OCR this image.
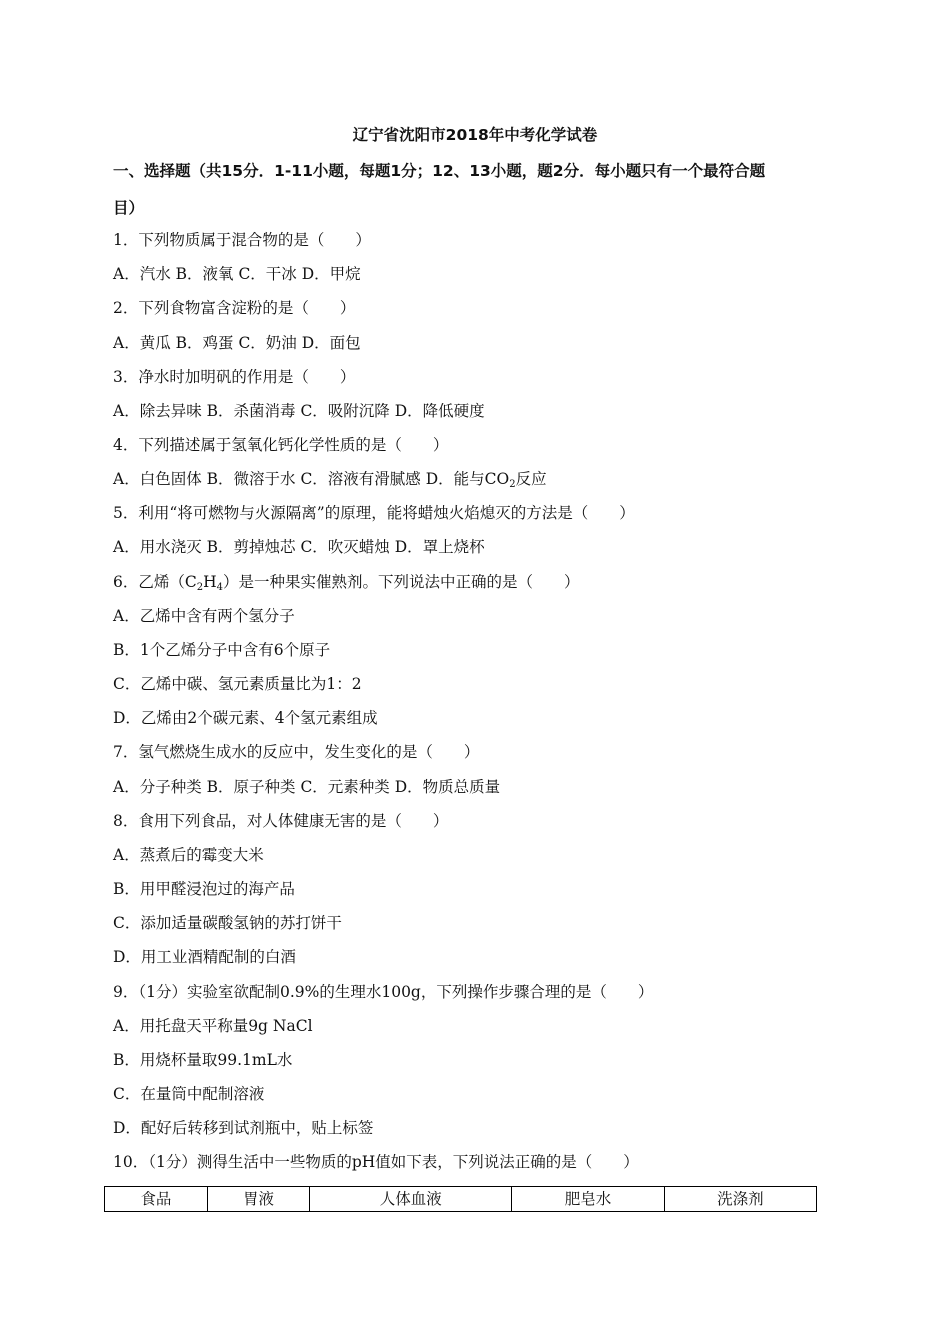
辽宁省沈阳市2018年中考化学试卷
一、选择题（共15分．1-11小题，每题1分；12、13小题，题2分．每小题只有一个最符合题
目）
1．下列物质属于混合物的是（　　）
A．汽水 B．液氧 C．干冰 D．甲烷
2．下列食物富含淀粉的是（　　）
A．黄瓜 B．鸡蛋 C．奶油 D．面包
3．净水时加明矾的作用是（　　）
A．除去异味 B．杀菌消毒 C．吸附沉降 D．降低硬度
4．下列描述属于氢氧化钙化学性质的是（　　）
A．白色固体 B．微溶于水 C．溶液有滑腻感 D．能与$CO_2$反应
5．利用“将可燃物与火源隔离”的原理，能将蜡烛火焰熄灭的方法是（　　）
A．用水浇灭 B．剪掉烛芯 C．吹灭蜡烛 D．罩上烧杯
6．乙烯$(C_2H_4)$是一种果实催熟剂。下列说法中正确的是（　　）
A．乙烯中含有两个氢分子
B．1个乙烯分子中含有6个原子
C．乙烯中碳、氢元素质量比为1：2
D．乙烯由2个碳元素、4个氢元素组成
7．氢气燃烧生成水的反应中，发生变化的是（　　）
A．分子种类 B．原子种类 C．元素种类 D．物质总质量
8．食用下列食品，对人体健康无害的是（　　）
A．蒸煮后的霉变大米
B．用甲醛浸泡过的海产品
C．添加适量碳酸氢钠的苏打饼干
D．用工业酒精配制的白酒
9．（1分）实验室欲配制0.9%的生理水100g，下列操作步骤合理的是（　　）
A．用托盘天平称量9g NaCl
B．用烧杯量取99.1mL水
C．在量筒中配制溶液
D．配好后转移到试剂瓶中，贴上标签
10．（1分）测得生活中一些物质的pH值如下表，下列说法正确的是（　　）
食品	胃液	人体血液	肥皂水	洗涤剂
